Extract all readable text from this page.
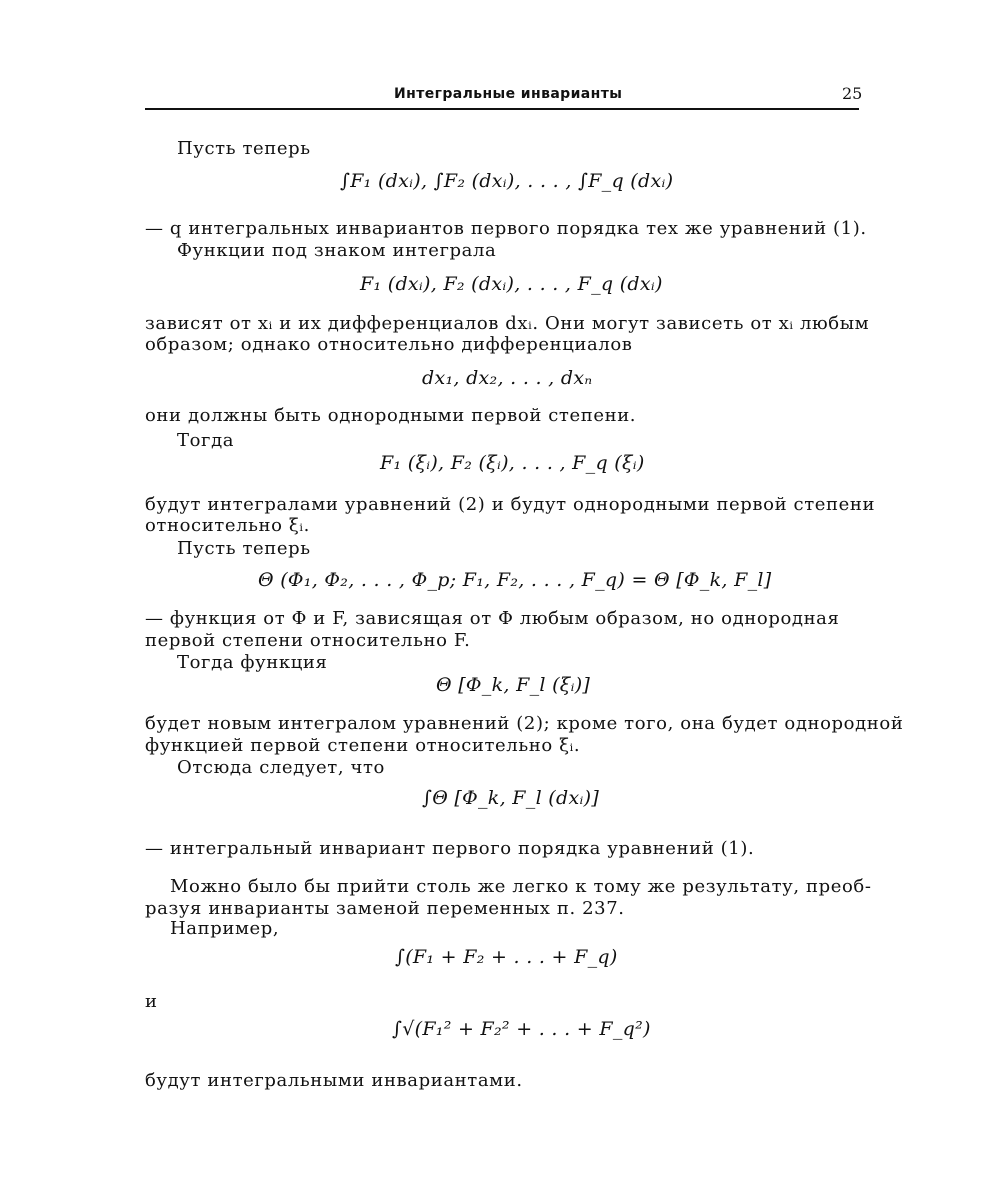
Интегральные инварианты	25
Пусть теперь
∫F₁ (dxᵢ), ∫F₂ (dxᵢ), . . . , ∫F_q (dxᵢ)
— q интегральных инвариантов первого порядка тех же уравнений (1).
Функции под знаком интеграла
F₁ (dxᵢ), F₂ (dxᵢ), . . . , F_q (dxᵢ)
зависят от xᵢ и их дифференциалов dxᵢ. Они могут зависеть от xᵢ любым
образом; однако относительно дифференциалов
dx₁, dx₂, . . . , dxₙ
они должны быть однородными первой степени.
Тогда
F₁ (ξᵢ), F₂ (ξᵢ), . . . , F_q (ξᵢ)
будут интегралами уравнений (2) и будут однородными первой степени
относительно ξᵢ.
Пусть теперь
Θ (Φ₁, Φ₂, . . . , Φ_p; F₁, F₂, . . . , F_q) = Θ [Φ_k, F_l]
— функция от Φ и F, зависящая от Φ любым образом, но однородная
первой степени относительно F.
Тогда функция
Θ [Φ_k, F_l (ξᵢ)]
будет новым интегралом уравнений (2); кроме того, она будет однородной
функцией первой степени относительно ξᵢ.
Отсюда следует, что
∫Θ [Φ_k, F_l (dxᵢ)]
— интегральный инвариант первого порядка уравнений (1).
Можно было бы прийти столь же легко к тому же результату, преоб-
разуя инварианты заменой переменных п. 237.
Например,
∫(F₁ + F₂ + . . . + F_q)
и
∫√(F₁² + F₂² + . . . + F_q²)
будут интегральными инвариантами.
